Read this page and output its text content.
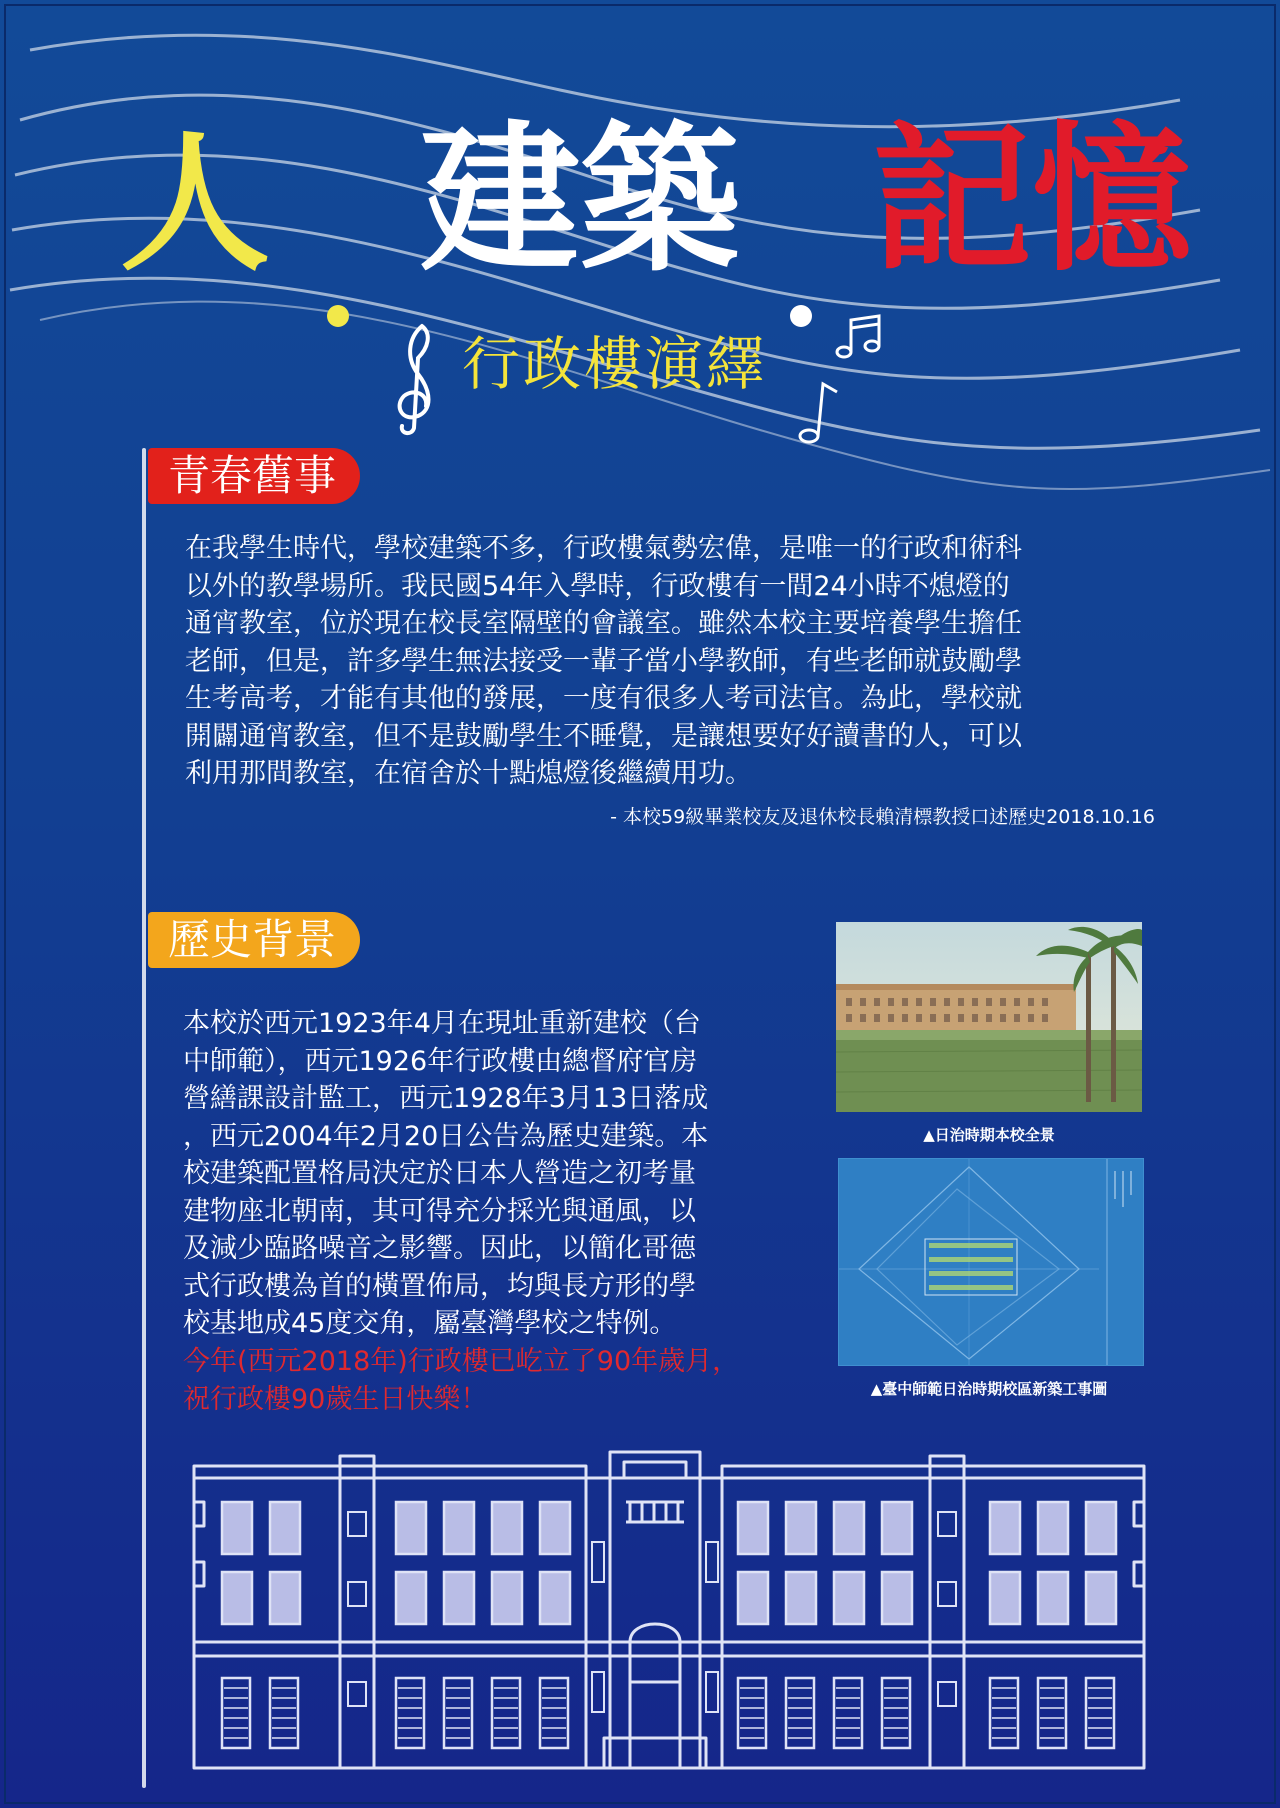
人 建築 記憶
行政樓演繹
青春舊事
在我學生時代，學校建築不多，行政樓氣勢宏偉，是唯一的行政和術科
以外的教學場所。我民國54年入學時，行政樓有一間24小時不熄燈的
通宵教室，位於現在校長室隔壁的會議室。雖然本校主要培養學生擔任
老師，但是，許多學生無法接受一輩子當小學教師，有些老師就鼓勵學
生考高考，才能有其他的發展，一度有很多人考司法官。為此，學校就
開闢通宵教室，但不是鼓勵學生不睡覺，是讓想要好好讀書的人，可以
利用那間教室，在宿舍於十點熄燈後繼續用功。
- 本校59級畢業校友及退休校長賴清標教授口述歷史2018.10.16
歷史背景
本校於西元1923年4月在現址重新建校（台
中師範），西元1926年行政樓由總督府官房
營繕課設計監工，西元1928年3月13日落成
，西元2004年2月20日公告為歷史建築。本
校建築配置格局決定於日本人營造之初考量
建物座北朝南，其可得充分採光與通風，以
及減少臨路噪音之影響。因此，以簡化哥德
式行政樓為首的橫置佈局，均與長方形的學
校基地成45度交角，屬臺灣學校之特例。
今年(西元2018年)行政樓已屹立了90年歲月，
祝行政樓90歲生日快樂！
▲日治時期本校全景
▲臺中師範日治時期校區新築工事圖
